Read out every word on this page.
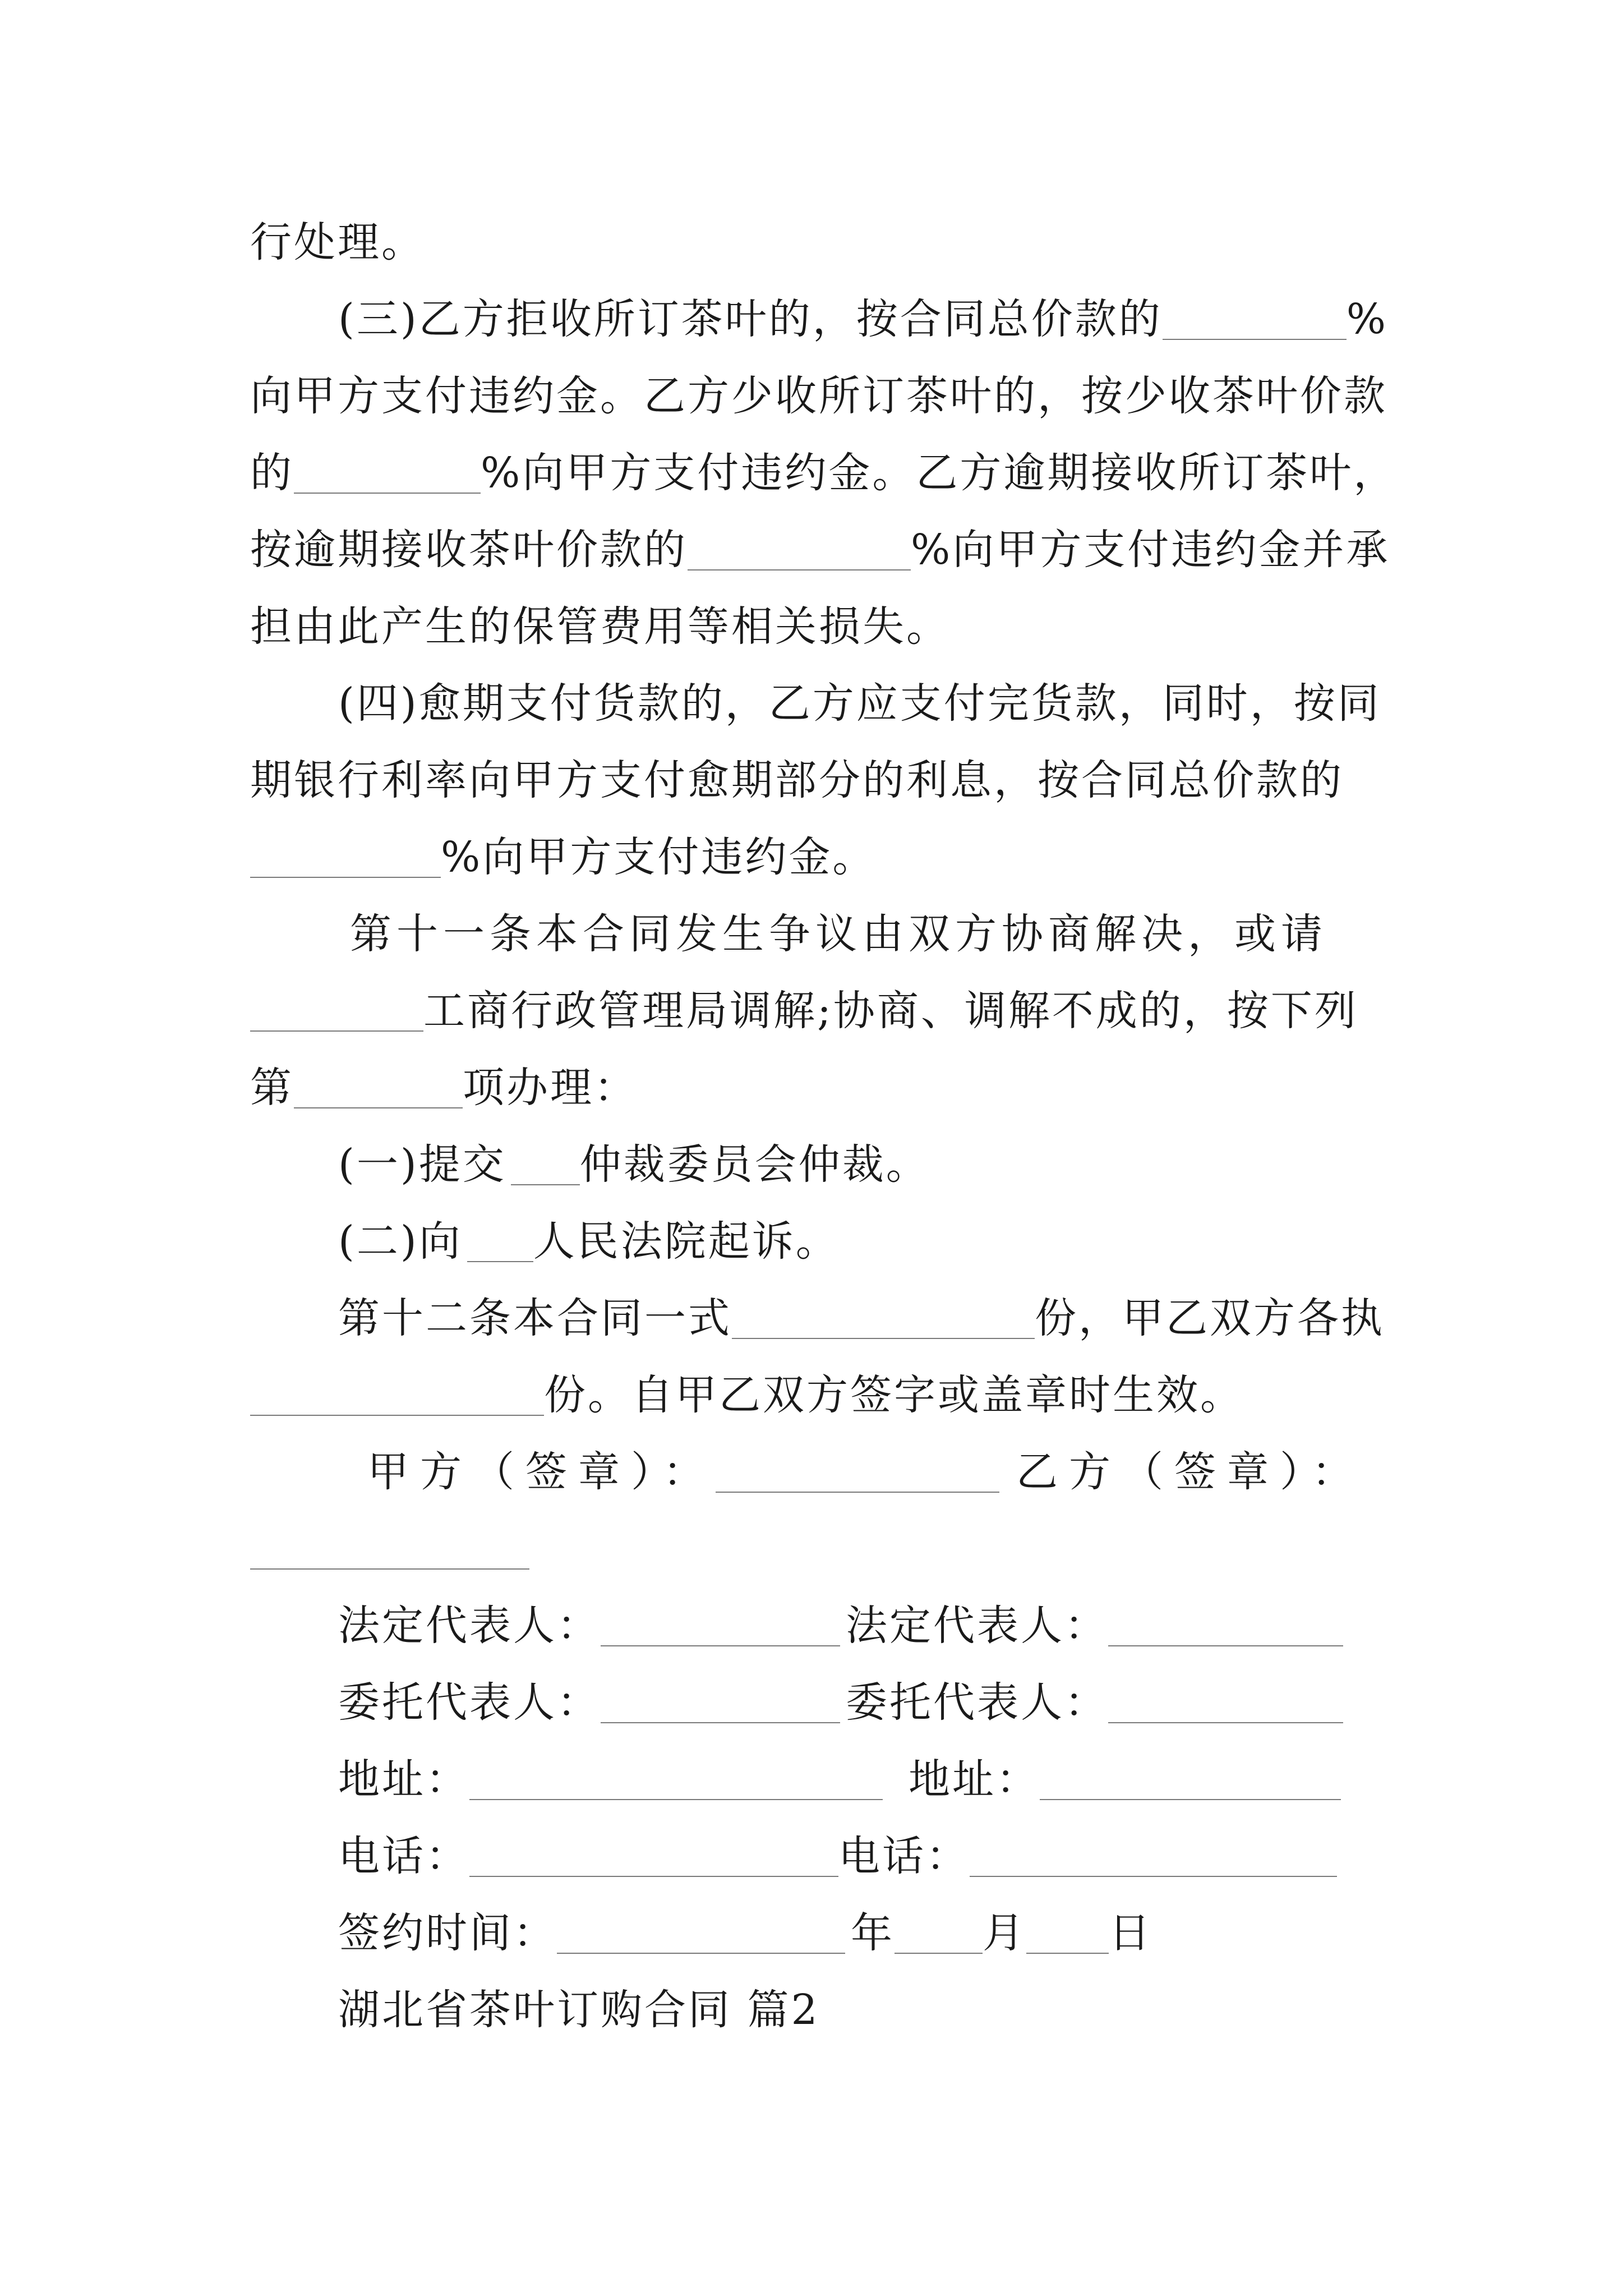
行处理。
(三)乙方拒收所订茶叶的，按合同总价款的	%
向甲方支付违约金。乙方少收所订茶叶的，按少收茶叶价款
的	%向甲方支付违约金。乙方逾期接收所订茶叶，
按逾期接收茶叶价款的	%向甲方支付违约金并承
担由此产生的保管费用等相关损失。
(四)愈期支付货款的，乙方应支付完货款，同时，按同
期银行利率向甲方支付愈期部分的利息，按合同总价款的
%向甲方支付违约金。
第十一条本合同发生争议由双方协商解决，或请
工商行政管理局调解;协商、调解不成的，按下列
第	项办理：
(一)提交 仲裁委员会仲裁。
(二)向 人民法院起诉。
第十二条本合同一式	份，甲乙双方各执
份。自甲乙双方签字或盖章时生效。
甲方（签章）：	乙方（签章）：
法定代表人：	法定代表人：
委托代表人：	委托代表人：
地址：	地址：
电话：	电话：
签约时间：	年 月 日
湖北省茶叶订购合同 篇2
